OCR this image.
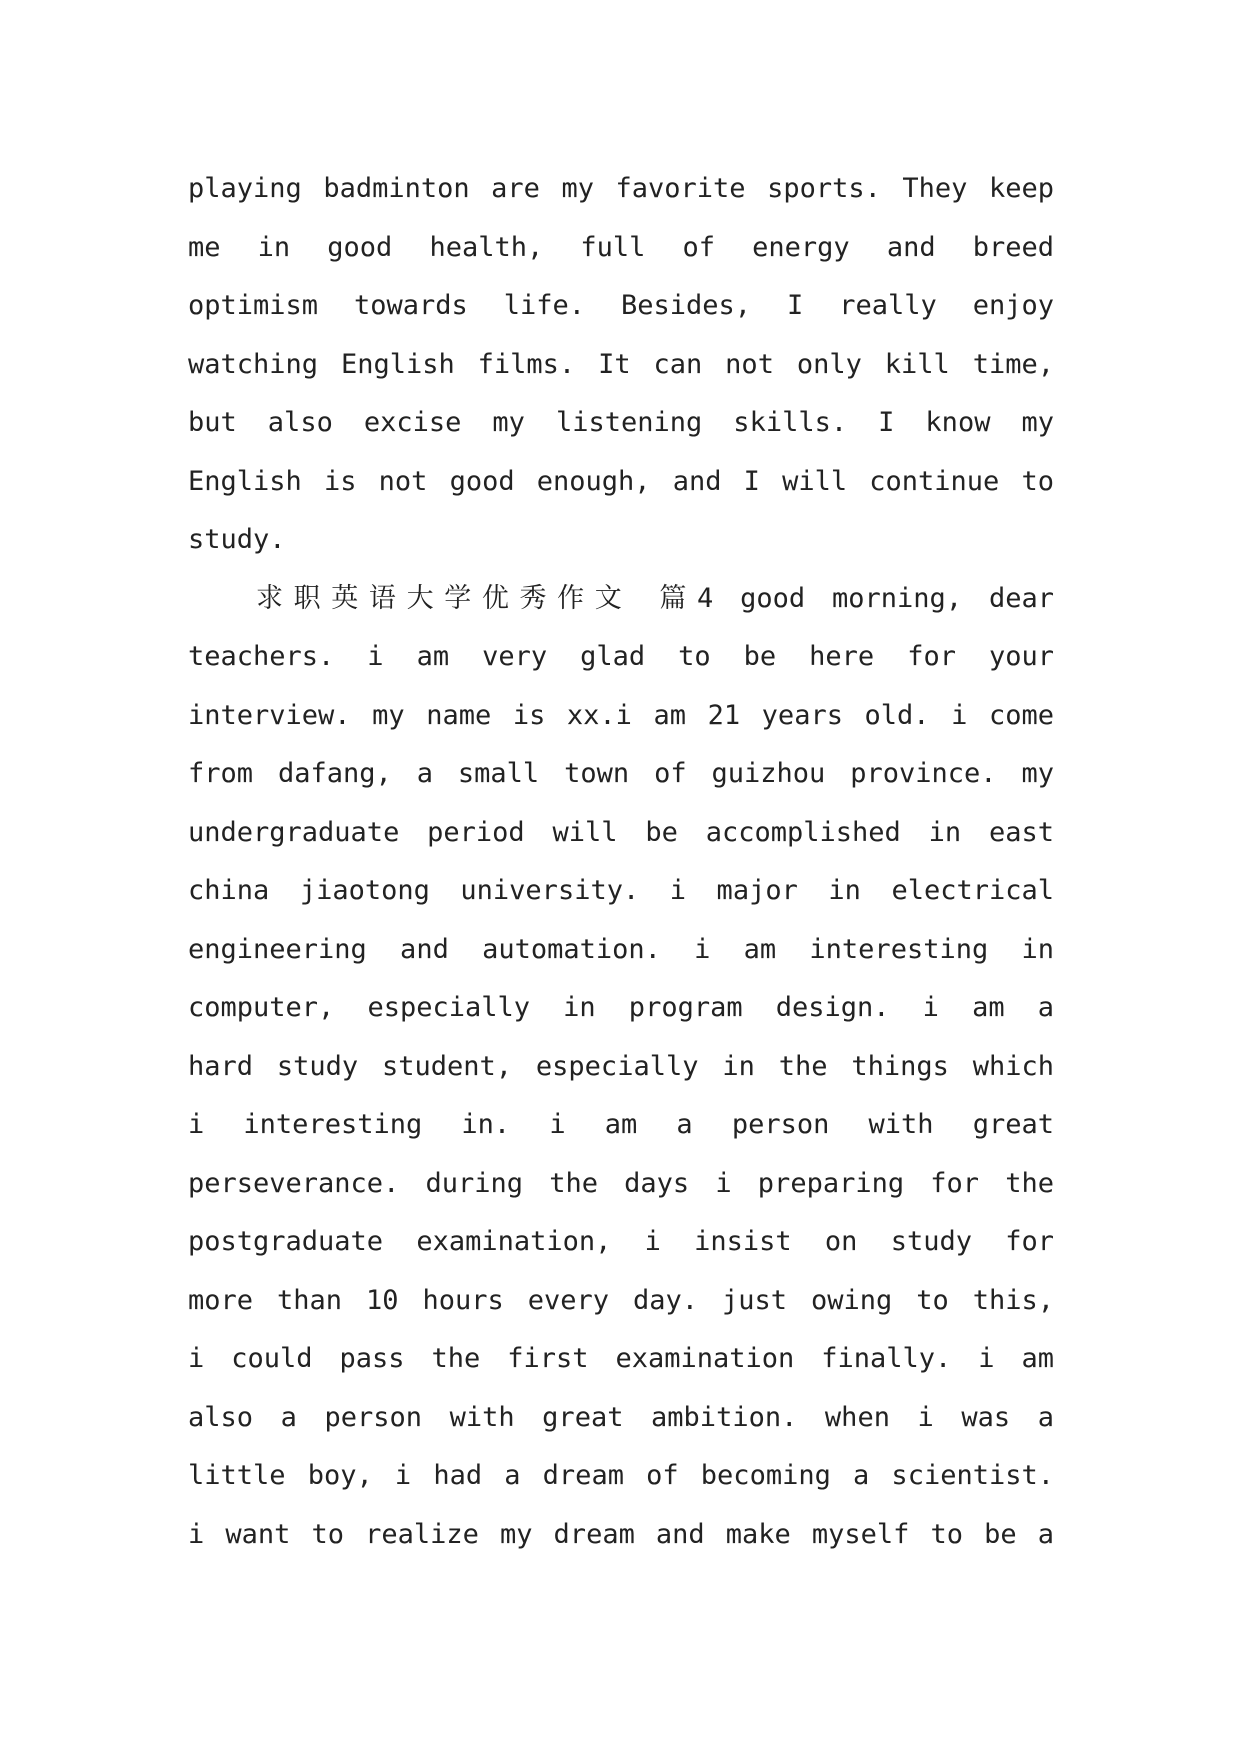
playing badminton are my favorite sports. They keep
me in good health, full of energy and breed
optimism towards life. Besides, I really enjoy
watching English films. It can not only kill time,
but also excise my listening skills. I know my
English is not good enough, and I will continue to
study.
求职英语大学优秀作文 篇4 good morning, dear
teachers. i am very glad to be here for your
interview. my name is xx.i am 21 years old. i come
from dafang, a small town of guizhou province. my
undergraduate period will be accomplished in east
china jiaotong university. i major in electrical
engineering and automation. i am interesting in
computer, especially in program design. i am a
hard study student, especially in the things which
i interesting in. i am a person with great
perseverance. during the days i preparing for the
postgraduate examination, i insist on study for
more than 10 hours every day. just owing to this,
i could pass the first examination finally. i am
also a person with great ambition. when i was a
little boy, i had a dream of becoming a scientist.
i want to realize my dream and make myself to be a
